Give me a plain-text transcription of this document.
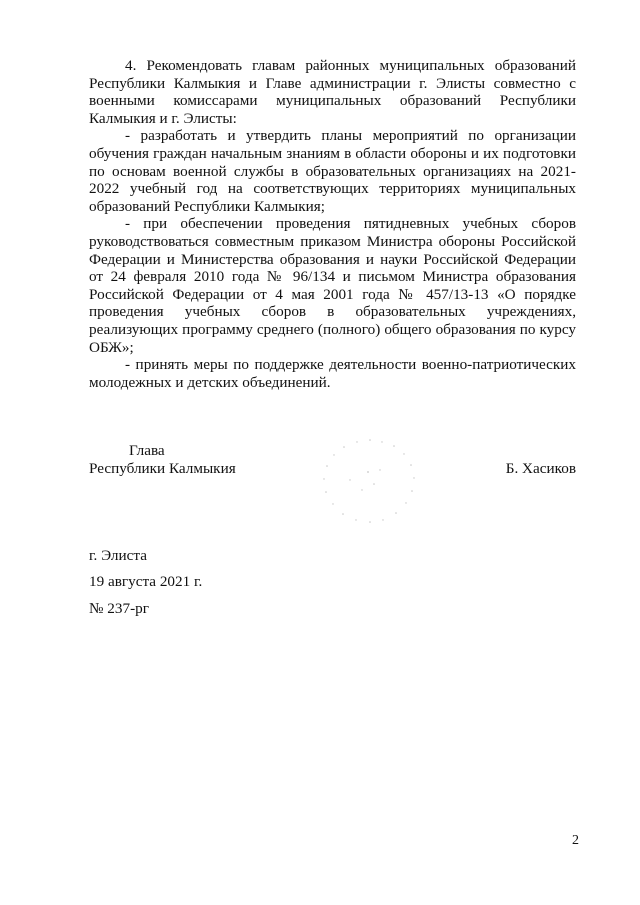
4. Рекомендовать главам районных муниципальных образований Республики Калмыкия и Главе администрации г. Элисты совместно с военными комиссарами муниципальных образований Республики Калмыкия и г. Элисты:

- разработать и утвердить планы мероприятий по организации обучения граждан начальным знаниям в области обороны и их подготовки по основам военной службы в образовательных организациях на 2021-2022 учебный год на соответствующих территориях муниципальных образований Республики Калмыкия;

- при обеспечении проведения пятидневных учебных сборов руководствоваться совместным приказом Министра обороны Российской Федерации и Министерства образования и науки Российской Федерации от 24 февраля 2010 года № 96/134 и письмом Министра образования Российской Федерации от 4 мая 2001 года № 457/13-13 «О порядке проведения учебных сборов в образовательных учреждениях, реализующих программу среднего (полного) общего образования по курсу ОБЖ»;

- принять меры по поддержке деятельности военно-патриотических молодежных и детских объединений.

Глава
Республики Калмыкия	Б. Хасиков
г. Элиста
19 августа 2021 г.
№ 237-рг
2
